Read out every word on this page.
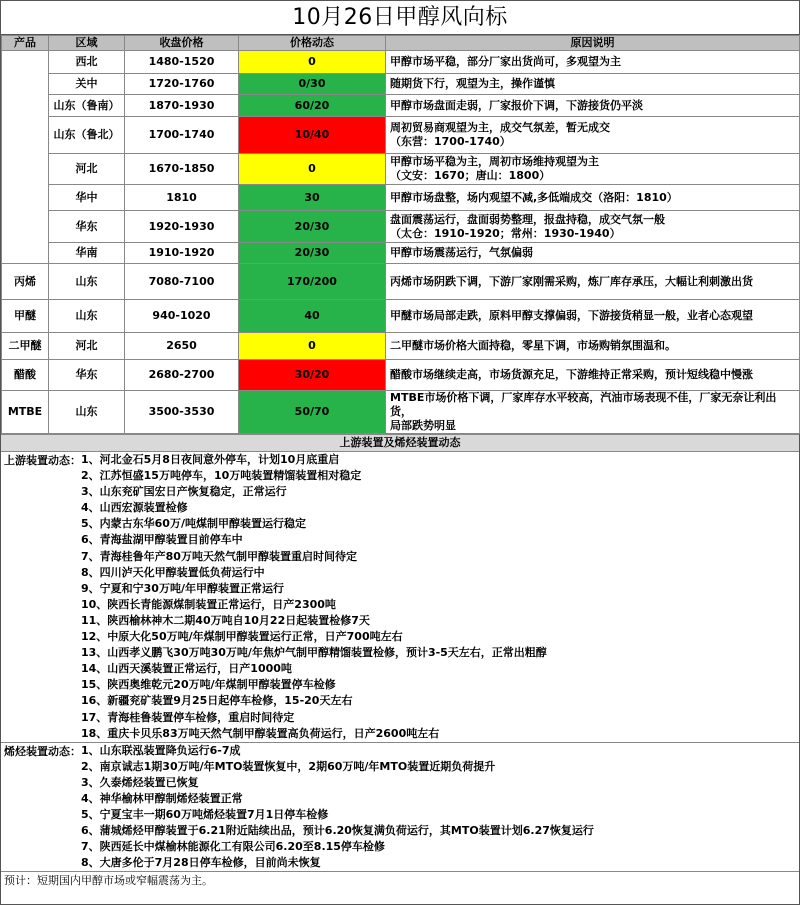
10月26日甲醇风向标
产品	区域	收盘价格	价格动态	原因说明
	西北	1480-1520	0	甲醇市场平稳，部分厂家出货尚可，多观望为主

	关中	1720-1760	0/30	随期货下行，观望为主，操作谨慎

	山东（鲁南）	1870-1930	60/20	甲醇市场盘面走弱，厂家报价下调，下游接货仍平淡

	山东（鲁北）	1700-1740	10/40	周初贸易商观望为主，成交气氛差，暂无成交
（东营：1700-1740）

	河北	1670-1850	0	甲醇市场平稳为主，周初市场维持观望为主
（文安：1670；唐山：1800）

	华中	1810	30	甲醇市场盘整，场内观望不减,多低端成交（洛阳：1810）

	华东	1920-1930	20/30	盘面震荡运行，盘面弱势整理，报盘持稳，成交气氛一般
（太仓：1910-1920；常州：1930-1940）

	华南	1910-1920	20/30	甲醇市场震荡运行，气氛偏弱

丙烯	山东	7080-7100	170/200	丙烯市场阴跌下调，下游厂家刚需采购，炼厂库存承压，大幅让利刺激出货

甲醚	山东	940-1020	40	甲醚市场局部走跌，原料甲醇支撑偏弱，下游接货稍显一般，业者心态观望

二甲醚	河北	2650	0	二甲醚市场价格大面持稳，零星下调，市场购销氛围温和。

醋酸	华东	2680-2700	30/20	醋酸市场继续走高，市场货源充足，下游维持正常采购，预计短线稳中慢涨

MTBE	山东	3500-3530	50/70	MTBE市场价格下调，厂家库存水平较高，汽油市场表现不佳，厂家无奈让利出货，
局部跌势明显
上游装置及烯烃装置动态
上游装置动态： 1、河北金石5月8日夜间意外停车，计划10月底重启
2、江苏恒盛15万吨停车，10万吨装置精馏装置相对稳定
3、山东兖矿国宏日产恢复稳定，正常运行
4、山西宏源装置检修
5、内蒙古东华60万/吨煤制甲醇装置运行稳定
6、青海盐湖甲醇装置目前停车中
7、青海桂鲁年产80万吨天然气制甲醇装置重启时间待定
8、四川泸天化甲醇装置低负荷运行中
9、宁夏和宁30万吨/年甲醇装置正常运行
10、陕西长青能源煤制装置正常运行，日产2300吨
11、陕西榆林神木二期40万吨自10月22日起装置检修7天
12、中原大化50万吨/年煤制甲醇装置运行正常，日产700吨左右
13、山西孝义鹏飞30万吨30万吨/年焦炉气制甲醇精馏装置检修，预计3-5天左右，正常出粗醇
14、山西天溪装置正常运行，日产1000吨
15、陕西奥维乾元20万吨/年煤制甲醇装置停车检修
16、新疆兖矿装置9月25日起停车检修，15-20天左右
17、青海桂鲁装置停车检修，重启时间待定
18、重庆卡贝乐83万吨天然气制甲醇装置高负荷运行，日产2600吨左右
烯烃装置动态： 1、山东联泓装置降负运行6-7成
2、南京诚志1期30万吨/年MTO装置恢复中，2期60万吨/年MTO装置近期负荷提升
3、久泰烯烃装置已恢复
4、神华榆林甲醇制烯烃装置正常
5、宁夏宝丰一期60万吨烯烃装置7月1日停车检修
6、蒲城烯烃甲醇装置于6.21附近陆续出品，预计6.20恢复满负荷运行，其MTO装置计划6.27恢复运行
7、陕西延长中煤榆林能源化工有限公司6.20至8.15停车检修
8、大唐多伦于7月28日停车检修，目前尚未恢复
预计：短期国内甲醇市场或窄幅震荡为主。
